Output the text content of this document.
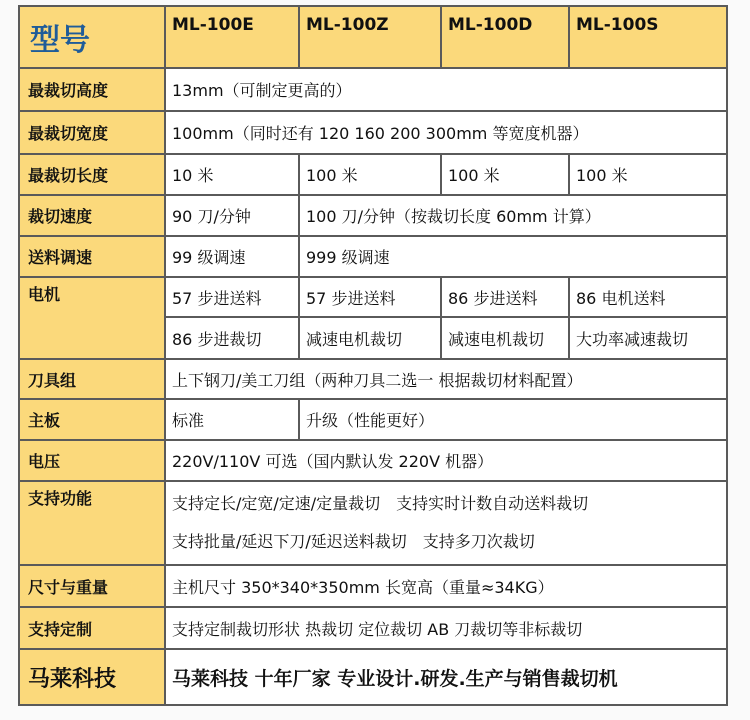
型号	ML-100E	ML-100Z	ML-100D	ML-100S
最裁切高度	13mm（可制定更高的）			
最裁切宽度	100mm（同时还有 120 160 200 300mm 等宽度机器）			
最裁切长度	10 米	100 米	100 米	100 米
裁切速度	90 刀/分钟	100 刀/分钟（按裁切长度 60mm 计算）		
送料调速	99 级调速	999 级调速		
电机	57 步进送料	57 步进送料	86 步进送料	86 电机送料
	86 步进裁切	减速电机裁切	减速电机裁切	大功率减速裁切
刀具组	上下钢刀/美工刀组（两种刀具二选一 根据裁切材料配置）			
主板	标准	升级（性能更好）		
电压	220V/110V 可选（国内默认发 220V 机器）			
支持功能	支持定长/定宽/定速/定量裁切　支持实时计数自动送料裁切
支持批量/延迟下刀/延迟送料裁切　支持多刀次裁切			

尺寸与重量	主机尺寸 350*340*350mm 长宽高（重量≈34KG）			
支持定制	支持定制裁切形状 热裁切 定位裁切 AB 刀裁切等非标裁切			
马莱科技	马莱科技 十年厂家 专业设计.研发.生产与销售裁切机			
